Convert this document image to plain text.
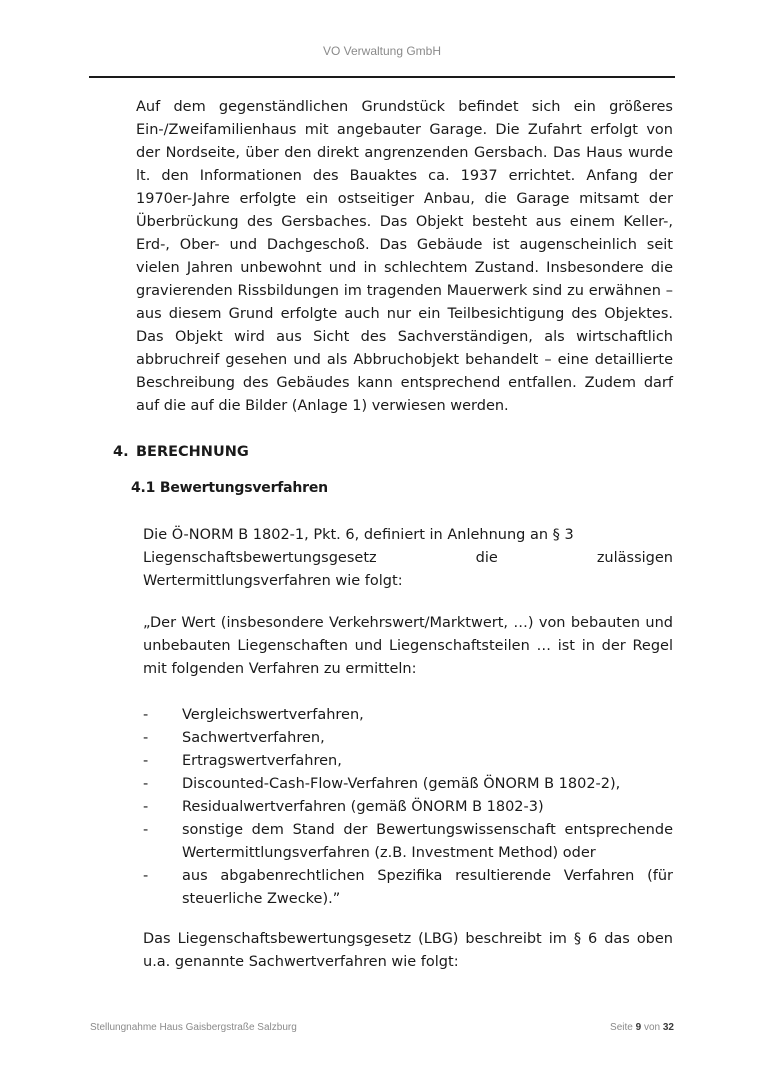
VO Verwaltung GmbH

Auf dem gegenständlichen Grundstück befindet sich ein größeres Ein-/Zweifamilienhaus mit angebauter Garage. Die Zufahrt erfolgt von der Nordseite, über den direkt angrenzenden Gersbach. Das Haus wurde lt. den Informationen des Bauaktes ca. 1937 errichtet. Anfang der 1970er-Jahre erfolgte ein ostseitiger Anbau, die Garage mitsamt der Überbrückung des Gersbaches. Das Objekt besteht aus einem Keller-, Erd-, Ober- und Dachgeschoß. Das Gebäude ist augenscheinlich seit vielen Jahren unbewohnt und in schlechtem Zustand. Insbesondere die gravierenden Rissbildungen im tragenden Mauerwerk sind zu erwähnen – aus diesem Grund erfolgte auch nur ein Teilbesichtigung des Objektes. Das Objekt wird aus Sicht des Sachverständigen, als wirtschaftlich abbruchreif gesehen und als Abbruchobjekt behandelt – eine detaillierte Beschreibung des Gebäudes kann entsprechend entfallen. Zudem darf auf die auf die Bilder (Anlage 1) verwiesen werden.

4. BERECHNUNG
4.1 Bewertungsverfahren
Die Ö-NORM B 1802-1, Pkt. 6, definiert in Anlehnung an § 3
Liegenschaftsbewertungsgesetz	die	zulässigen
Wertermittlungsverfahren wie folgt:

„Der Wert (insbesondere Verkehrswert/Marktwert, …) von bebauten und unbebauten Liegenschaften und Liegenschaftsteilen … ist in der Regel mit folgenden Verfahren zu ermitteln:

-	Vergleichswertverfahren,
-	Sachwertverfahren,
-	Ertragswertverfahren,
-	Discounted-Cash-Flow-Verfahren (gemäß ÖNORM B 1802-2),
-	Residualwertverfahren (gemäß ÖNORM B 1802-3)
-	sonstige dem Stand der Bewertungswissenschaft entsprechende Wertermittlungsverfahren (z.B. Investment Method) oder
-	aus abgabenrechtlichen Spezifika resultierende Verfahren (für steuerliche Zwecke).”

Das Liegenschaftsbewertungsgesetz (LBG) beschreibt im § 6 das oben u.a. genannte Sachwertverfahren wie folgt:

Stellungnahme Haus Gaisbergstraße Salzburg	Seite 9 von 32
